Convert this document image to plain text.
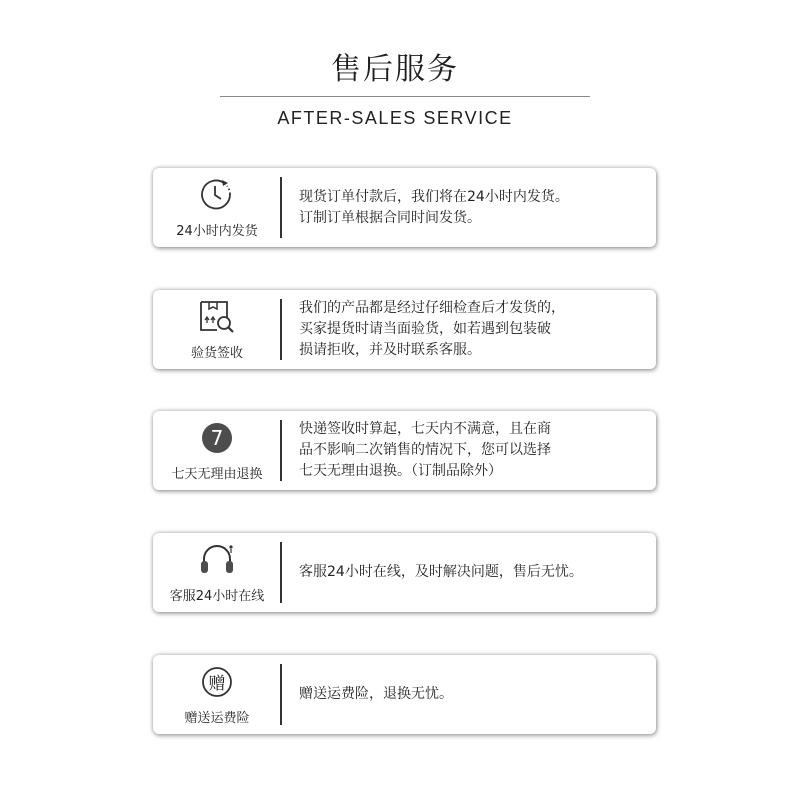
售后服务
AFTER-SALES SERVICE
24小时内发货
现货订单付款后，我们将在24小时内发货。
订制订单根据合同时间发货。
验货签收
我们的产品都是经过仔细检查后才发货的，
买家提货时请当面验货，如若遇到包装破
损请拒收，并及时联系客服。
7
七天无理由退换
快递签收时算起，七天内不满意，且在商
品不影响二次销售的情况下，您可以选择
七天无理由退换。（订制品除外）
客服24小时在线
客服24小时在线，及时解决问题，售后无忧。
赠
赠送运费险
赠送运费险，退换无忧。
